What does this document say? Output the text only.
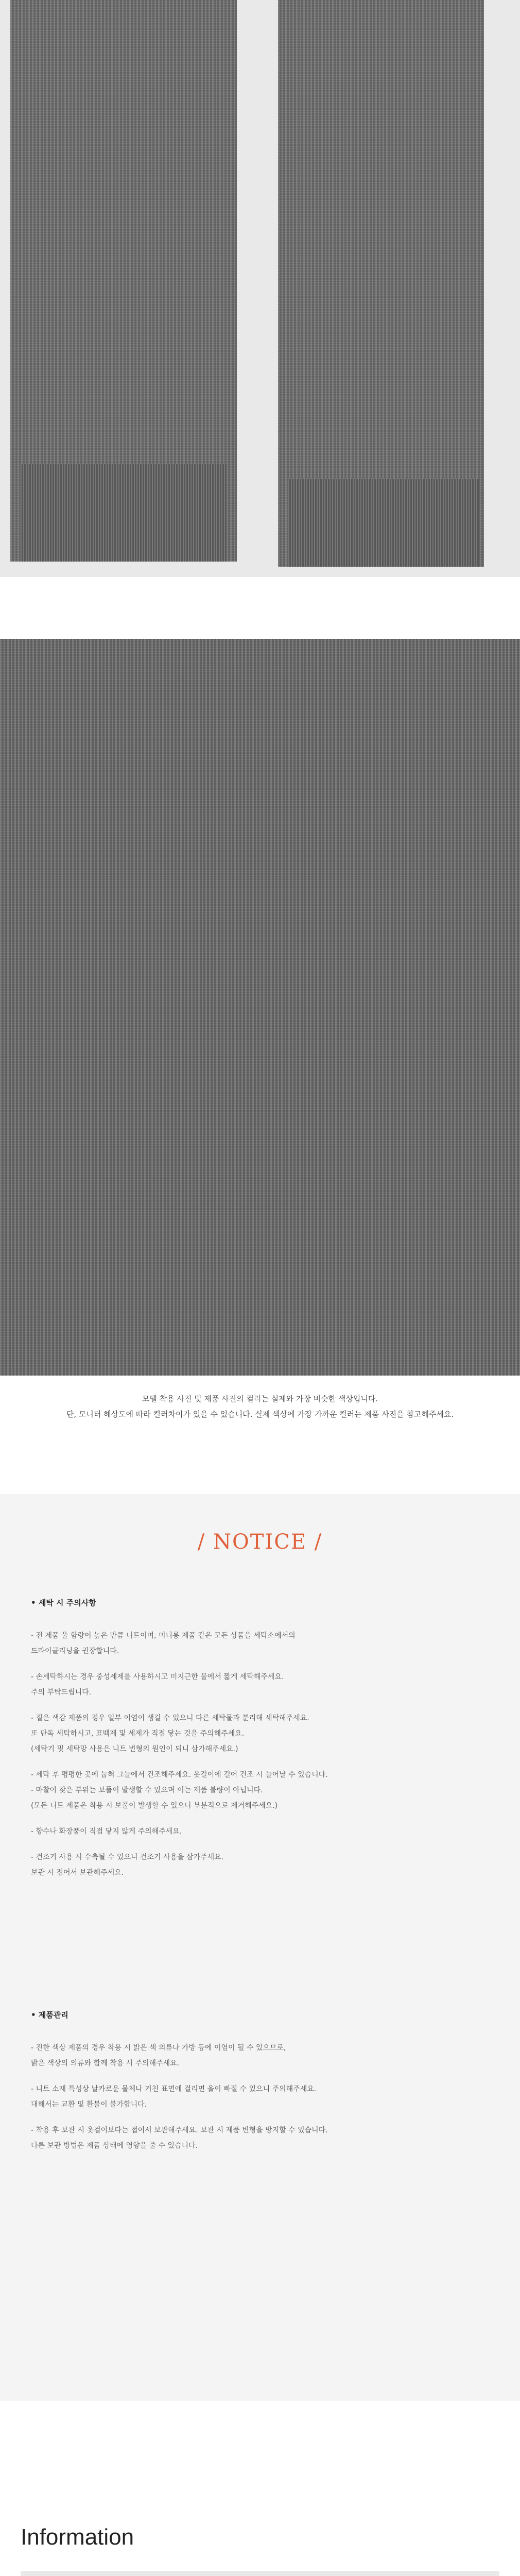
모델 착용 사진 및 제품 사진의 컬러는 실제와 가장 비슷한 색상입니다.
단, 모니터 해상도에 따라 컬러차이가 있을 수 있습니다. 실제 색상에 가장 가까운 컬러는 제품 사진을 참고해주세요.
/ NOTICE /
• 세탁 시 주의사항
- 전 제품 울 함량이 높은 만큼 니트이며, 미니롱 제품 같은 모든 상품을 세탁소에서의
드라이클리닝을 권장합니다.
- 손세탁하시는 경우 중성세제를 사용하시고 미지근한 물에서 짧게 세탁해주세요.
주의 부탁드립니다.
- 짙은 색감 제품의 경우 일부 이염이 생길 수 있으니 다른 세탁물과 분리해 세탁해주세요.
또 단독 세탁하시고, 표백제 및 세제가 직접 닿는 것을 주의해주세요.
(세탁기 및 세탁망 사용은 니트 변형의 원인이 되니 삼가해주세요.)
- 세탁 후 평평한 곳에 눕혀 그늘에서 건조해주세요. 옷걸이에 걸어 건조 시 늘어날 수 있습니다.
- 마찰이 잦은 부위는 보풀이 발생할 수 있으며 이는 제품 불량이 아닙니다.
(모든 니트 제품은 착용 시 보풀이 발생할 수 있으니 부분적으로 제거해주세요.)
- 향수나 화장품이 직접 닿지 않게 주의해주세요.
- 건조기 사용 시 수축될 수 있으니 건조기 사용을 삼가주세요.
보관 시 접어서 보관해주세요.
• 제품관리
- 진한 색상 제품의 경우 착용 시 밝은 색 의류나 가방 등에 이염이 될 수 있으므로,
밝은 색상의 의류와 함께 착용 시 주의해주세요.
- 니트 소재 특성상 날카로운 물체나 거친 표면에 걸리면 올이 빠질 수 있으니 주의해주세요.
대해서는 교환 및 환불이 불가합니다.
- 착용 후 보관 시 옷걸이보다는 접어서 보관해주세요. 보관 시 제품 변형을 방지할 수 있습니다.
다른 보관 방법은 제품 상태에 영향을 줄 수 있습니다.
Information
